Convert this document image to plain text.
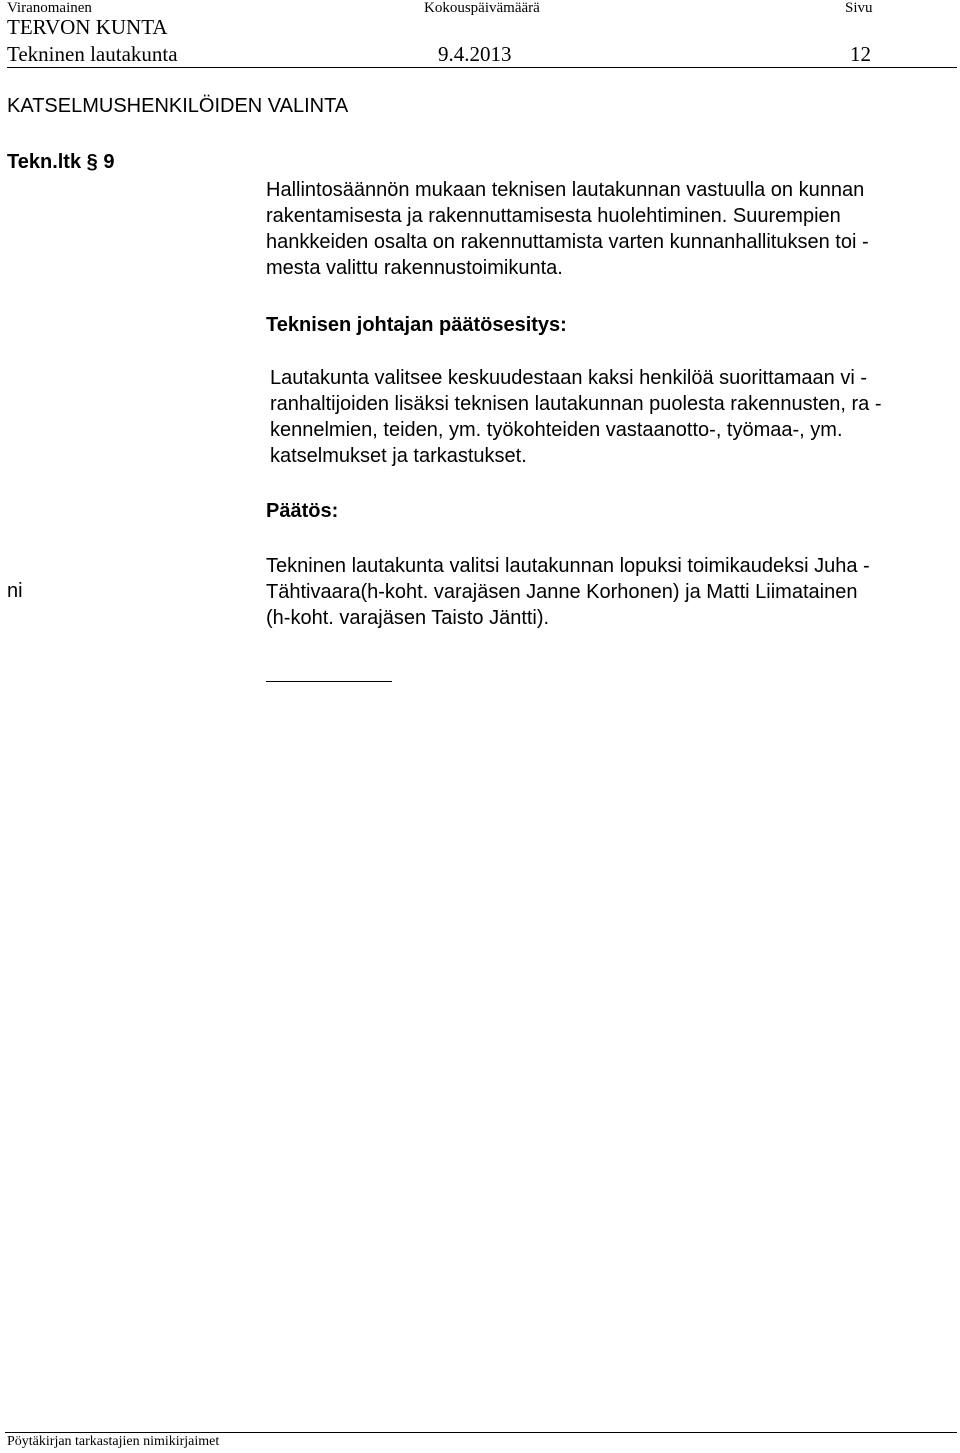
Viranomainen	Kokouspäivämäärä	Sivu
TERVON KUNTA
Tekninen lautakunta	9.4.2013	12
KATSELMUSHENKILÖIDEN VALINTA
Tekn.ltk § 9
Hallintosäännön mukaan teknisen lautakunnan vastuulla on kunnan
rakentamisesta ja rakennuttamisesta huolehtiminen. Suurempien
hankkeiden osalta on rakennuttamista varten kunnanhallituksen toi -
mesta valittu rakennustoimikunta.
Teknisen johtajan päätösesitys:
Lautakunta valitsee keskuudestaan kaksi henkilöä suorittamaan vi -
ranhaltijoiden lisäksi teknisen lautakunnan puolesta rakennusten, ra -
kennelmien, teiden, ym. työkohteiden vastaanotto-, työmaa-, ym.
katselmukset ja tarkastukset.
Päätös:
Tekninen lautakunta valitsi lautakunnan lopuksi toimikaudeksi Juha -
Tähtivaara(h-koht. varajäsen Janne Korhonen) ja Matti Liimatainen
(h-koht. varajäsen Taisto Jäntti).
ni
Pöytäkirjan tarkastajien nimikirjaimet
